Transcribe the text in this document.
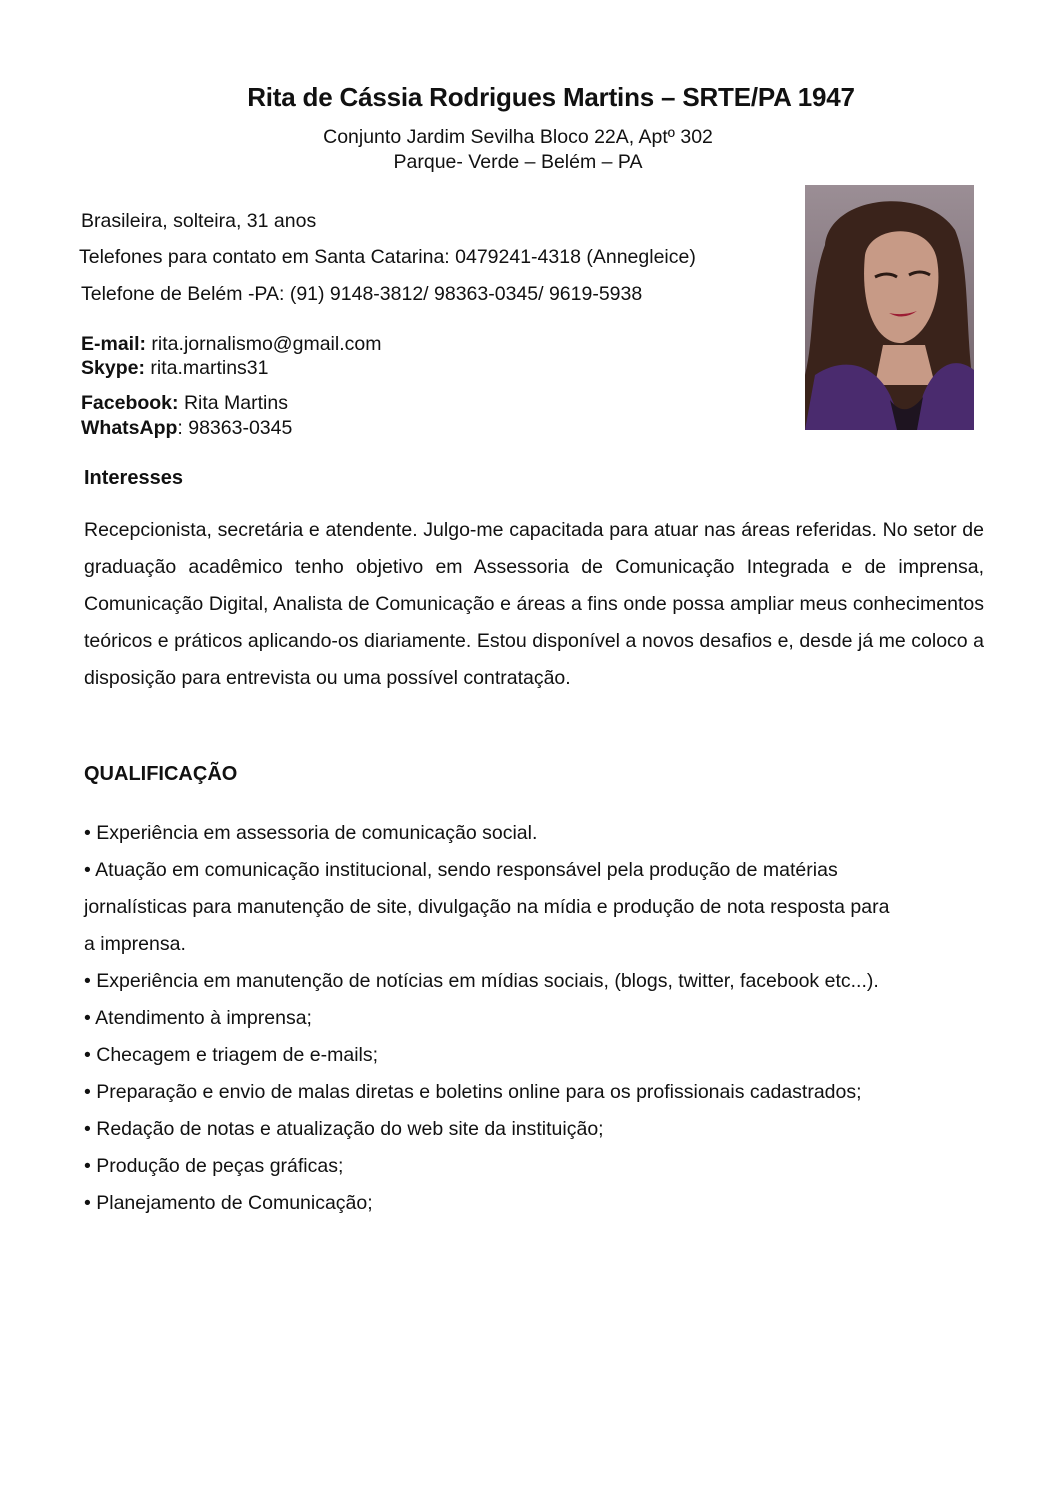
Rita de Cássia Rodrigues Martins – SRTE/PA 1947
Conjunto Jardim Sevilha Bloco 22A, Aptº 302
Parque- Verde – Belém – PA
Brasileira, solteira, 31 anos
Telefones para contato em Santa Catarina: 0479241-4318 (Annegleice)
Telefone de Belém -PA: (91) 9148-3812/ 98363-0345/ 9619-5938
E-mail: rita.jornalismo@gmail.com
Skype: rita.martins31
Facebook: Rita Martins
WhatsApp: 98363-0345
Interesses
Recepcionista, secretária e atendente. Julgo-me capacitada para atuar nas áreas referidas. No setor de graduação acadêmico tenho objetivo em Assessoria de Comunicação Integrada e de imprensa, Comunicação Digital, Analista de Comunicação e áreas a fins onde possa ampliar meus conhecimentos teóricos e práticos aplicando-os diariamente. Estou disponível a novos desafios e, desde já me coloco a disposição para entrevista ou uma possível contratação.
QUALIFICAÇÃO
• Experiência em assessoria de comunicação social.
• Atuação em comunicação institucional, sendo responsável pela produção de matérias jornalísticas para manutenção de site, divulgação na mídia e produção de nota resposta para a imprensa.
• Experiência em manutenção de notícias em mídias sociais, (blogs, twitter, facebook etc...).
• Atendimento à imprensa;
• Checagem e triagem de e-mails;
• Preparação e envio de malas diretas e boletins online para os profissionais cadastrados;
• Redação de notas e atualização do web site da instituição;
• Produção de peças gráficas;
• Planejamento de Comunicação;
